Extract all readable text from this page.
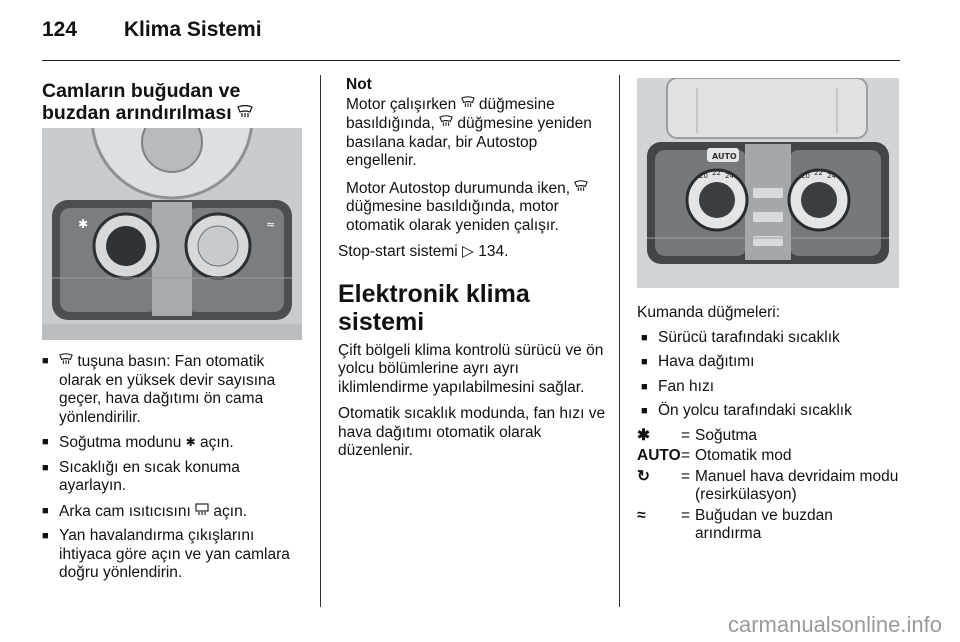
124 Klima Sistemi
Camların buğudan ve buzdan arındırılması
✱	≈
■ tuşuna basın: Fan otomatik olarak en yüksek devir sayısına geçer, hava dağıtımı ön cama yönlendirilir.
■ Soğutma modunu ✱ açın.
■ Sıcaklığı en sıcak konuma ayarlayın.
■ Arka cam ısıtıcısını açın.
■ Yan havalandırma çıkışlarını ihtiyaca göre açın ve yan camlara doğru yönlendirin.
Not

Motor çalışırken düğmesine basıldığında, düğmesine yeniden basılana kadar, bir Autostop engellenir.

Motor Autostop durumunda iken,  düğmesine basıldığında, motor otomatik olarak yeniden çalışır.

Stop-start sistemi ▷ 134.

Elektronik klima sistemi

Çift bölgeli klima kontrolü sürücü ve ön yolcu bölümlerine ayrı ayrı iklimlendirme yapılabilmesini sağlar.

Otomatik sıcaklık modunda, fan hızı ve hava dağıtımı otomatik olarak düzenlenir.

AUTO
20 22 24	20 22 24

Kumanda düğmeleri:

■ Sürücü tarafındaki sıcaklık
■ Hava dağıtımı
■ Fan hızı
■ Ön yolcu tarafındaki sıcaklık
✱	= Soğutma
AUTO = Otomatik mod
↻	= Manuel hava devridaim modu (resirkülasyon)
≈	= Buğudan ve buzdan arındırma
carmanualsonline.info
